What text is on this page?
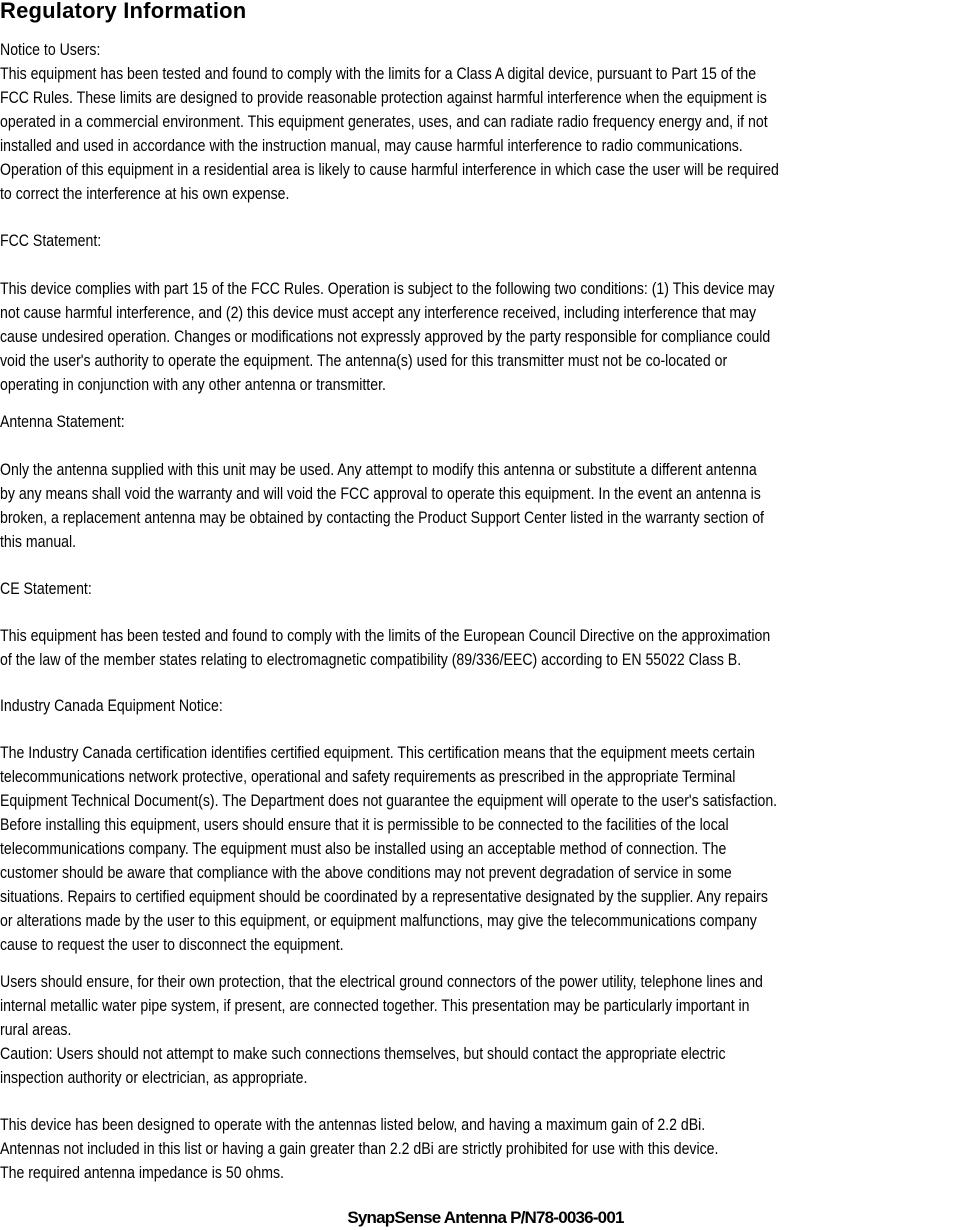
Regulatory Information
Notice to Users:
This equipment has been tested and found to comply with the limits for a Class A digital device, pursuant to Part 15 of the
FCC Rules. These limits are designed to provide reasonable protection against harmful interference when the equipment is
operated in a commercial environment. This equipment generates, uses, and can radiate radio frequency energy and, if not
installed and used in accordance with the instruction manual, may cause harmful interference to radio communications.
Operation of this equipment in a residential area is likely to cause harmful interference in which case the user will be required
to correct the interference at his own expense.
FCC Statement:
This device complies with part 15 of the FCC Rules. Operation is subject to the following two conditions: (1) This device may
not cause harmful interference, and (2) this device must accept any interference received, including interference that may
cause undesired operation. Changes or modifications not expressly approved by the party responsible for compliance could
void the user's authority to operate the equipment. The antenna(s) used for this transmitter must not be co-located or
operating in conjunction with any other antenna or transmitter.
Antenna Statement:
Only the antenna supplied with this unit may be used. Any attempt to modify this antenna or substitute a different antenna
by any means shall void the warranty and will void the FCC approval to operate this equipment. In the event an antenna is
broken, a replacement antenna may be obtained by contacting the Product Support Center listed in the warranty section of
this manual.
CE Statement:
This equipment has been tested and found to comply with the limits of the European Council Directive on the approximation
of the law of the member states relating to electromagnetic compatibility (89/336/EEC) according to EN 55022 Class B.
Industry Canada Equipment Notice:
The Industry Canada certification identifies certified equipment. This certification means that the equipment meets certain
telecommunications network protective, operational and safety requirements as prescribed in the appropriate Terminal
Equipment Technical Document(s). The Department does not guarantee the equipment will operate to the user's satisfaction.
Before installing this equipment, users should ensure that it is permissible to be connected to the facilities of the local
telecommunications company. The equipment must also be installed using an acceptable method of connection. The
customer should be aware that compliance with the above conditions may not prevent degradation of service in some
situations. Repairs to certified equipment should be coordinated by a representative designated by the supplier. Any repairs
or alterations made by the user to this equipment, or equipment malfunctions, may give the telecommunications company
cause to request the user to disconnect the equipment.
Users should ensure, for their own protection, that the electrical ground connectors of the power utility, telephone lines and
internal metallic water pipe system, if present, are connected together. This presentation may be particularly important in
rural areas.
Caution: Users should not attempt to make such connections themselves, but should contact the appropriate electric
inspection authority or electrician, as appropriate.
This device has been designed to operate with the antennas listed below, and having a maximum gain of 2.2 dBi.
Antennas not included in this list or having a gain greater than 2.2 dBi are strictly prohibited for use with this device.
The required antenna impedance is 50 ohms.
SynapSense Antenna P/N78-0036-001
